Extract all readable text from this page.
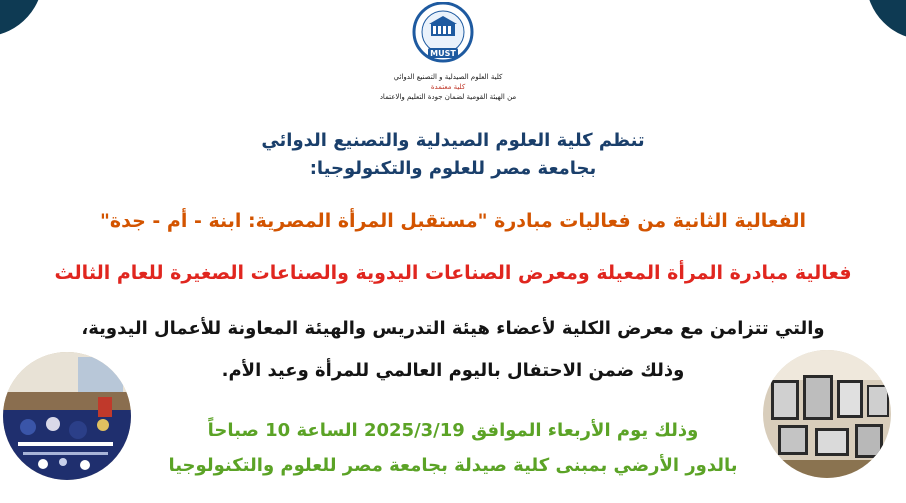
MUST
كلية العلوم الصيدلية و التصنيع الدوائي
كلية معتمدة
من الهيئة القومية لضمان جودة التعليم والاعتماد
تنظم كلية العلوم الصيدلية والتصنيع الدوائي
بجامعة مصر للعلوم والتكنولوجيا:
الفعالية الثانية من فعاليات مبادرة "مستقبل المرأة المصرية: ابنة - أم - جدة"
فعالية مبادرة المرأة المعيلة ومعرض الصناعات اليدوية والصناعات الصغيرة للعام الثالث
والتي تتزامن مع معرض الكلية لأعضاء هيئة التدريس والهيئة المعاونة للأعمال اليدوية،
وذلك ضمن الاحتفال باليوم العالمي للمرأة وعيد الأم.
وذلك يوم الأربعاء الموافق 2025/3/19 الساعة 10 صباحاً
بالدور الأرضي بمبنى كلية صيدلة بجامعة مصر للعلوم والتكنولوجيا
